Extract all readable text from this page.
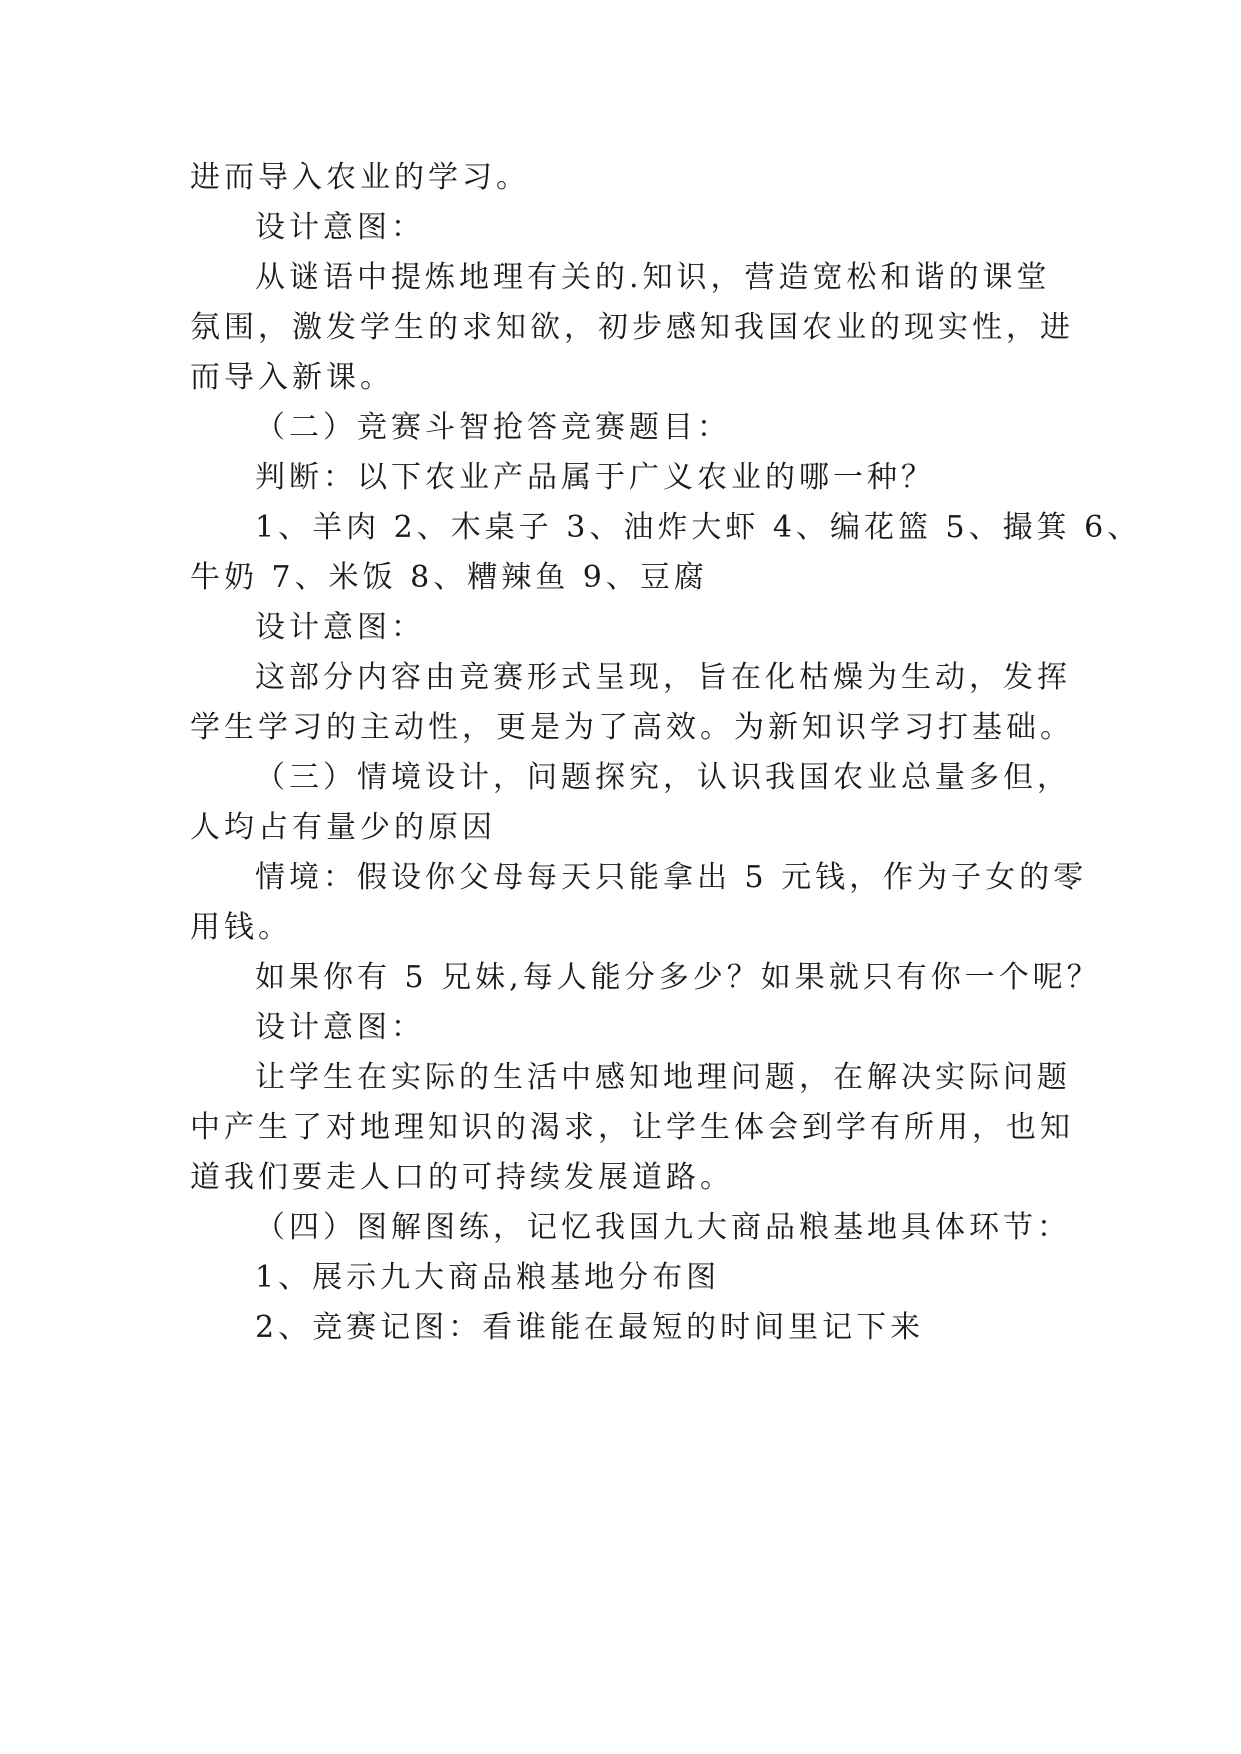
进而导入农业的学习。

设计意图：

从谜语中提炼地理有关的.知识，营造宽松和谐的课堂

氛围，激发学生的求知欲，初步感知我国农业的现实性，进

而导入新课。

（二）竞赛斗智抢答竞赛题目：

判断：以下农业产品属于广义农业的哪一种？

1、羊肉 2、木桌子 3、油炸大虾 4、编花篮 5、撮箕 6、

牛奶 7、米饭 8、糟辣鱼 9、豆腐

设计意图：

这部分内容由竞赛形式呈现，旨在化枯燥为生动，发挥

学生学习的主动性，更是为了高效。为新知识学习打基础。

（三）情境设计，问题探究，认识我国农业总量多但，

人均占有量少的原因

情境：假设你父母每天只能拿出 5 元钱，作为子女的零

用钱。

如果你有 5 兄妹,每人能分多少？如果就只有你一个呢？

设计意图：

让学生在实际的生活中感知地理问题，在解决实际问题

中产生了对地理知识的渴求，让学生体会到学有所用，也知

道我们要走人口的可持续发展道路。

（四）图解图练，记忆我国九大商品粮基地具体环节：

1、展示九大商品粮基地分布图

2、竞赛记图：看谁能在最短的时间里记下来
